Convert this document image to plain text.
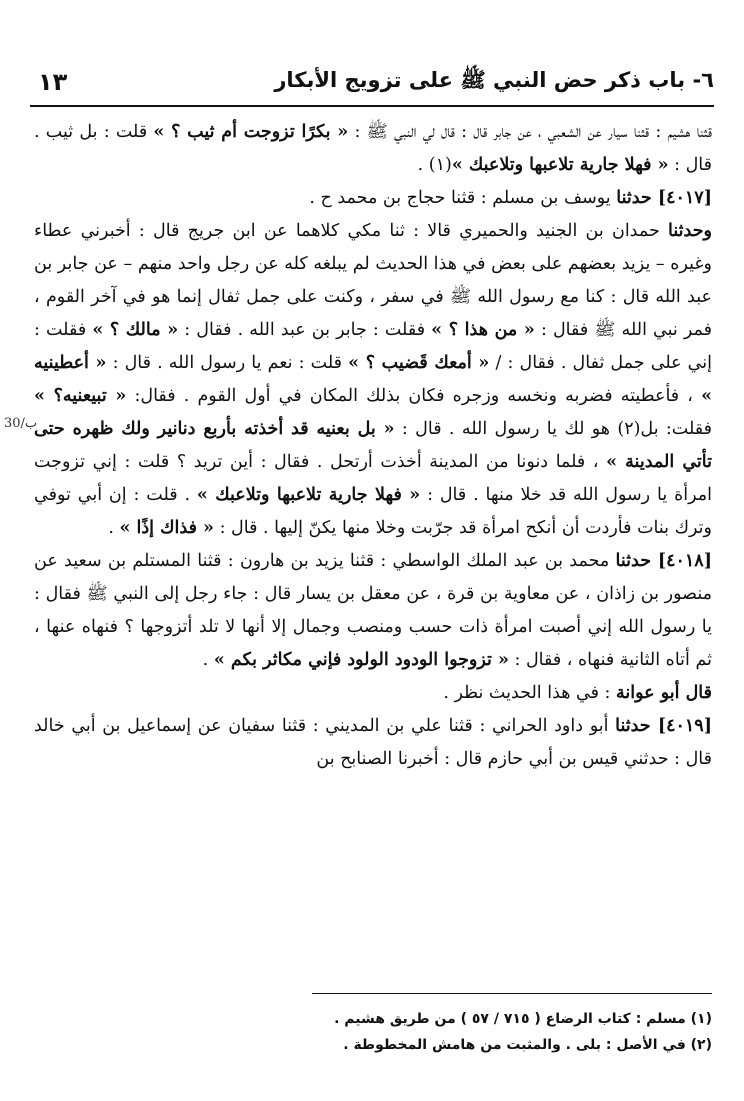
٦- باب ذكر حض النبي ﷺ على تزويج الأبكار
١٣
30/ب

قثنا هشيم : قثنا سيار عن الشعبي ، عن جابر قال : قال لي النبي ﷺ : « بكرًا تزوجت أم ثيب ؟ » قلت : بل ثيب . قال : « فهلا جارية تلاعبها وتلاعبك »(١) .

[٤٠١٧] حدثنا يوسف بن مسلم : قثنا حجاج بن محمد ح .

وحدثنا حمدان بن الجنيد والحميري قالا : ثنا مكي كلاهما عن ابن جريج قال : أخبرني عطاء وغيره – يزيد بعضهم على بعض في هذا الحديث لم يبلغه كله عن رجل واحد منهم – عن جابر بن عبد الله قال : كنا مع رسول الله ﷺ في سفر ، وكنت على جمل ثفال إنما هو في آخر القوم ، فمر نبي الله ﷺ فقال : « من هذا ؟ » فقلت : جابر بن عبد الله . فقال : « مالك ؟ » فقلت : إني على جمل ثفال . فقال : / « أمعك قَضيب ؟ » قلت : نعم يا رسول الله . قال : « أعطينيه » ، فأعطيته فضربه ونخسه وزجره فكان بذلك المكان في أول القوم . فقال: « تبيعنيه؟ » فقلت: بل(٢) هو لك يا رسول الله . قال : « بل بعنيه قد أخذته بأربع دنانير ولك ظهره حتى تأتي المدينة » ، فلما دنونا من المدينة أخذت أرتحل . فقال : أين تريد ؟ قلت : إني تزوجت امرأة يا رسول الله قد خلا منها . قال : « فهلا جارية تلاعبها وتلاعبك » . قلت : إن أبي توفي وترك بنات فأردت أن أنكح امرأة قد جرّبت وخلا منها يكنّ إليها . قال : « فذاك إذًا » .

[٤٠١٨] حدثنا محمد بن عبد الملك الواسطي : قثنا يزيد بن هارون : قثنا المستلم بن سعيد عن منصور بن زاذان ، عن معاوية بن قرة ، عن معقل بن يسار قال : جاء رجل إلى النبي ﷺ فقال : يا رسول الله إني أصبت امرأة ذات حسب ومنصب وجمال إلا أنها لا تلد أتزوجها ؟ فنهاه عنها ، ثم أتاه الثانية فنهاه ، فقال : « تزوجوا الودود الولود فإني مكاثر بكم » .

قال أبو عوانة : في هذا الحديث نظر .

[٤٠١٩] حدثنا أبو داود الحراني : قثنا علي بن المديني : قثنا سفيان عن إسماعيل بن أبي خالد قال : حدثني قيس بن أبي حازم قال : أخبرنا الصنابح بن

(١) مسلم : كتاب الرضاع ( ٧١٥ / ٥٧ ) من طريق هشيم .

(٢) في الأصل : بلى . والمثبت من هامش المخطوطة .
